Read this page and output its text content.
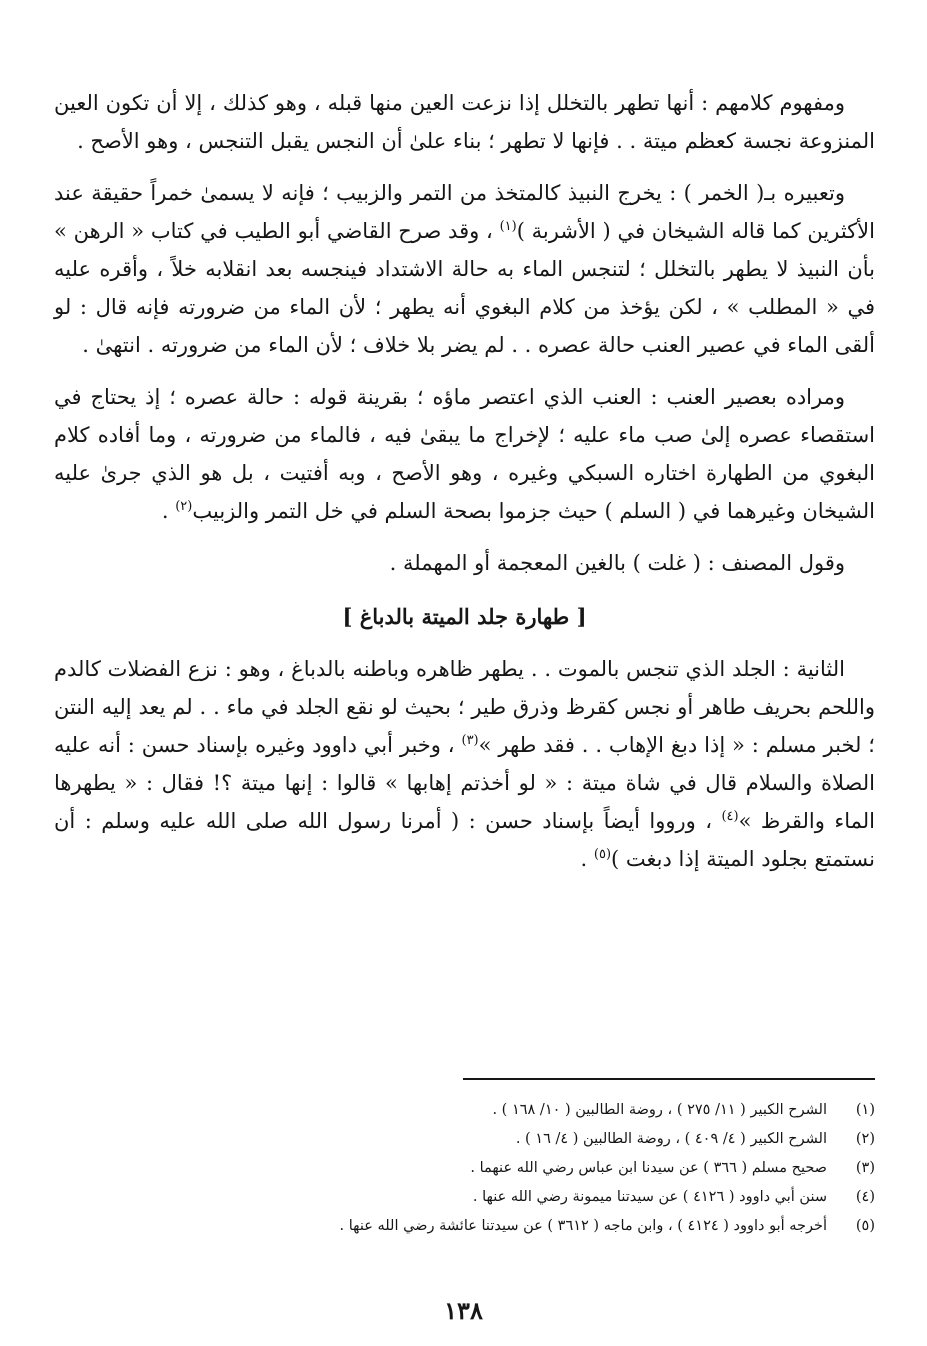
ومفهوم كلامهم : أنها تطهر بالتخلل إذا نزعت العين منها قبله ، وهو كذلك ، إلا أن تكون العين المنزوعة نجسة كعظم ميتة . . فإنها لا تطهر ؛ بناء علىٰ أن النجس يقبل التنجس ، وهو الأصح .

وتعبيره بـ( الخمر ) : يخرج النبيذ كالمتخذ من التمر والزبيب ؛ فإنه لا يسمىٰ خمراً حقيقة عند الأكثرين كما قاله الشيخان في ( الأشربة )$^{(١)}$ ، وقد صرح القاضي أبو الطيب في كتاب « الرهن » بأن النبيذ لا يطهر بالتخلل ؛ لتنجس الماء به حالة الاشتداد فينجسه بعد انقلابه خلاً ، وأقره عليه في « المطلب » ، لكن يؤخذ من كلام البغوي أنه يطهر ؛ لأن الماء من ضرورته فإنه قال : لو ألقى الماء في عصير العنب حالة عصره . . لم يضر بلا خلاف ؛ لأن الماء من ضرورته . انتهىٰ .

ومراده بعصير العنب : العنب الذي اعتصر ماؤه ؛ بقرينة قوله : حالة عصره ؛ إذ يحتاج في استقصاء عصره إلىٰ صب ماء عليه ؛ لإخراج ما يبقىٰ فيه ، فالماء من ضرورته ، وما أفاده كلام البغوي من الطهارة اختاره السبكي وغيره ، وهو الأصح ، وبه أفتيت ، بل هو الذي جرىٰ عليه الشيخان وغيرهما في ( السلم ) حيث جزموا بصحة السلم في خل التمر والزبيب$^{(٢)}$ .

وقول المصنف : ( غلت ) بالغين المعجمة أو المهملة .

[ طهارة جلد الميتة بالدباغ ]

الثانية : الجلد الذي تنجس بالموت . . يطهر ظاهره وباطنه بالدباغ ، وهو : نزع الفضلات كالدم واللحم بحريف طاهر أو نجس كقرظ وذرق طير ؛ بحيث لو نقع الجلد في ماء . . لم يعد إليه النتن ؛ لخبر مسلم : « إذا دبغ الإهاب . . فقد طهر »$^{(٣)}$ ، وخبر أبي داوود وغيره بإسناد حسن : أنه عليه الصلاة والسلام قال في شاة ميتة : « لو أخذتم إهابها » قالوا : إنها ميتة ؟! فقال : « يطهرها الماء والقرظ »$^{(٤)}$ ، ورووا أيضاً بإسناد حسن : ( أمرنا رسول الله صلى الله عليه وسلم : أن نستمتع بجلود الميتة إذا دبغت )$^{(٥)}$ .

(١)
الشرح الكبير ( ١١/ ٢٧٥ ) ، روضة الطالبين ( ١٠/ ١٦٨ ) .
(٢)
الشرح الكبير ( ٤/ ٤٠٩ ) ، روضة الطالبين ( ٤/ ١٦ ) .
(٣)
صحيح مسلم ( ٣٦٦ ) عن سيدنا ابن عباس رضي الله عنهما .
(٤)
سنن أبي داوود ( ٤١٢٦ ) عن سيدتنا ميمونة رضي الله عنها .
(٥)
أخرجه أبو داوود ( ٤١٢٤ ) ، وابن ماجه ( ٣٦١٢ ) عن سيدتنا عائشة رضي الله عنها .
١٣٨
